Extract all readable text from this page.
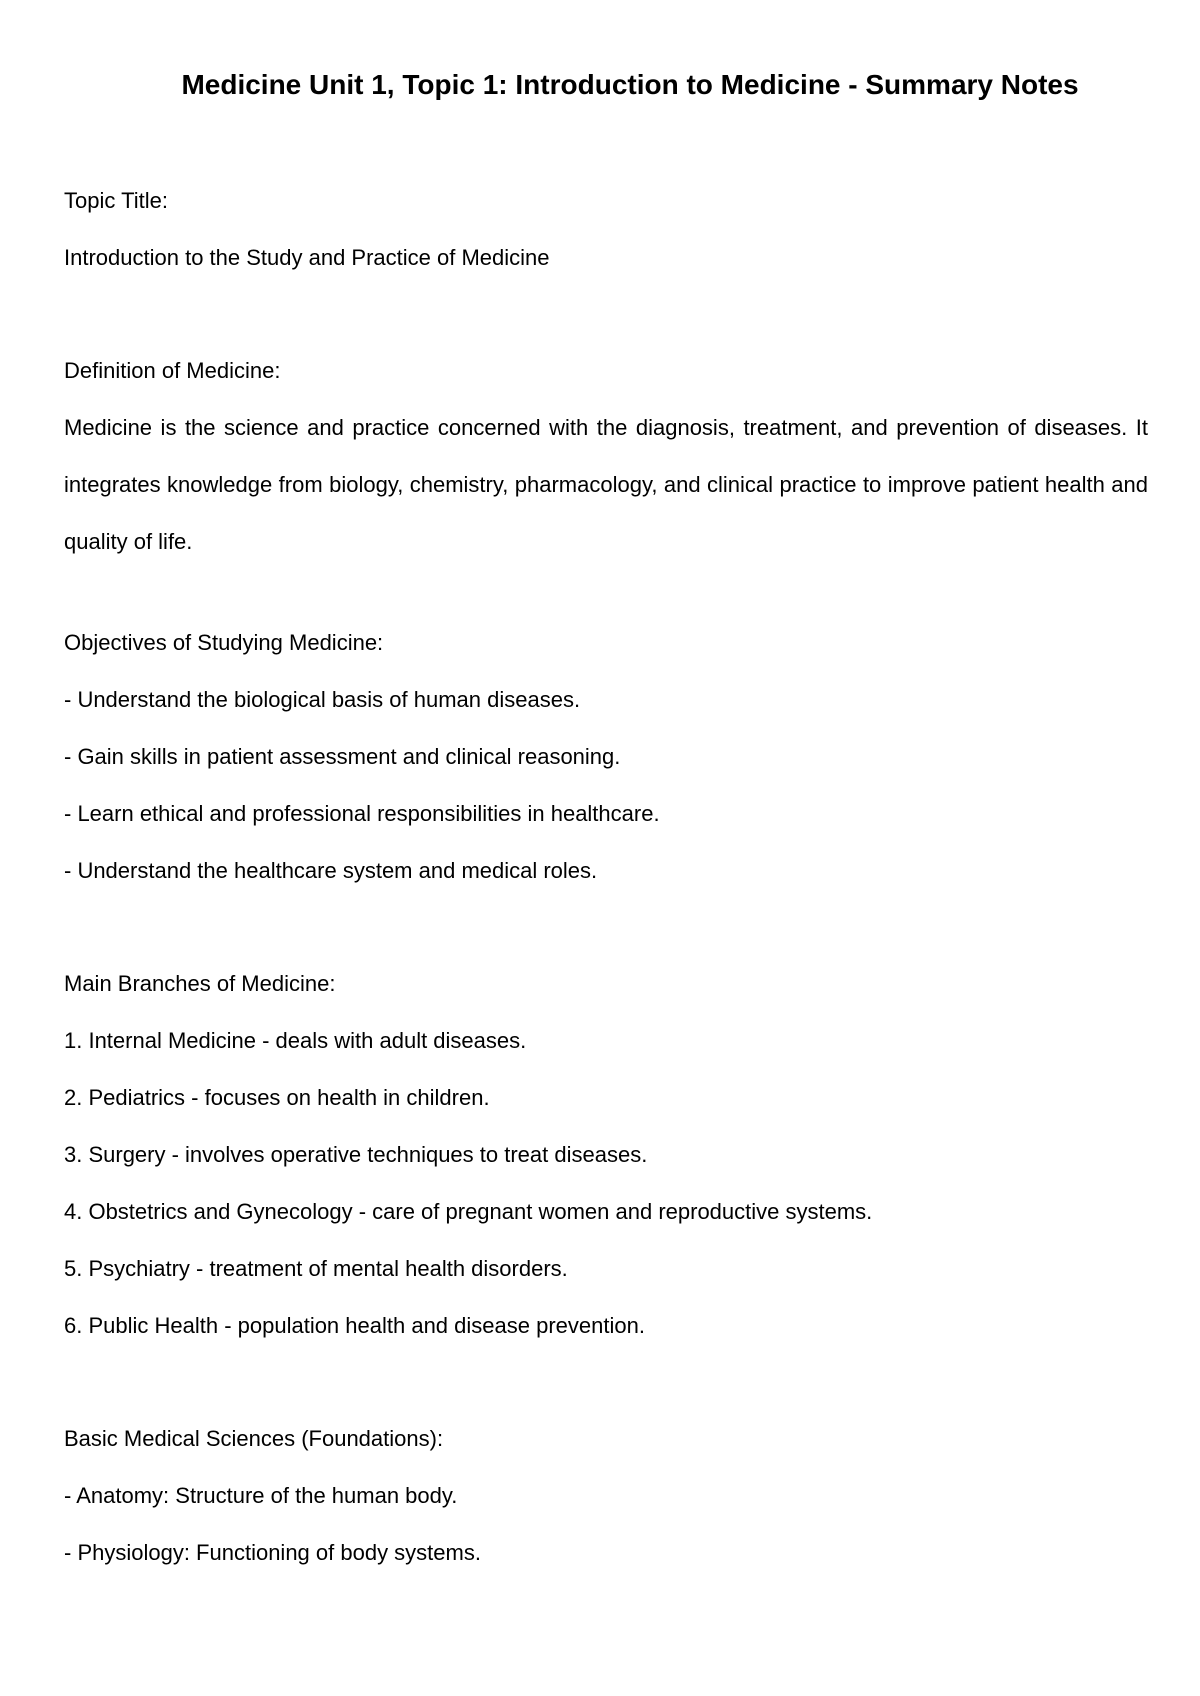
Medicine Unit 1, Topic 1: Introduction to Medicine - Summary Notes
Topic Title:
Introduction to the Study and Practice of Medicine
Definition of Medicine:

Medicine is the science and practice concerned with the diagnosis, treatment, and prevention of diseases. It integrates knowledge from biology, chemistry, pharmacology, and clinical practice to improve patient health and quality of life.

Objectives of Studying Medicine:
- Understand the biological basis of human diseases.
- Gain skills in patient assessment and clinical reasoning.
- Learn ethical and professional responsibilities in healthcare.
- Understand the healthcare system and medical roles.
Main Branches of Medicine:
1. Internal Medicine - deals with adult diseases.
2. Pediatrics - focuses on health in children.
3. Surgery - involves operative techniques to treat diseases.
4. Obstetrics and Gynecology - care of pregnant women and reproductive systems.
5. Psychiatry - treatment of mental health disorders.
6. Public Health - population health and disease prevention.
Basic Medical Sciences (Foundations):
- Anatomy: Structure of the human body.
- Physiology: Functioning of body systems.
